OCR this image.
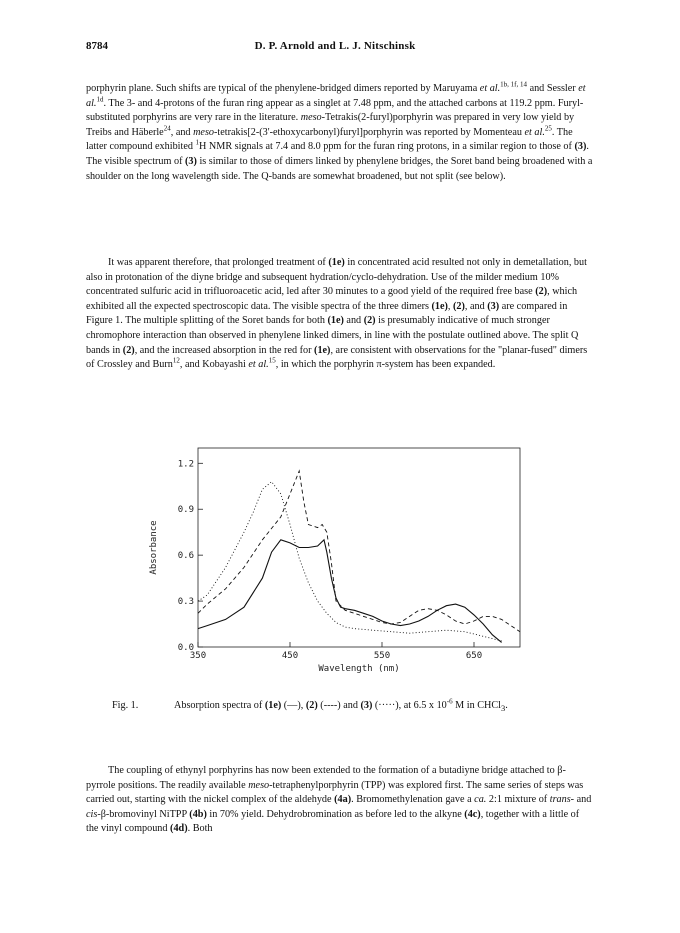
8784	D. P. Arnold and L. J. Nitschinsk

porphyrin plane. Such shifts are typical of the phenylene-bridged dimers reported by Maruyama et al.$^{1b, 1f, 14}$ and Sessler et al.$^{1d}$. The 3- and 4-protons of the furan ring appear as a singlet at 7.48 ppm, and the attached carbons at 119.2 ppm. Furyl-substituted porphyrins are very rare in the literature. meso-Tetrakis(2-furyl)porphyrin was prepared in very low yield by Treibs and Häberle$^{24}$, and meso-tetrakis[2-(3'-ethoxycarbonyl)furyl]porphyrin was reported by Momenteau et al.$^{25}$. The latter compound exhibited $^1$H NMR signals at 7.4 and 8.0 ppm for the furan ring protons, in a similar region to those of (3). The visible spectrum of (3) is similar to those of dimers linked by phenylene bridges, the Soret band being broadened with a shoulder on the long wavelength side. The Q-bands are somewhat broadened, but not split (see below).

It was apparent therefore, that prolonged treatment of (1e) in concentrated acid resulted not only in demetallation, but also in protonation of the diyne bridge and subsequent hydration/cyclo-dehydration. Use of the milder medium 10% concentrated sulfuric acid in trifluoroacetic acid, led after 30 minutes to a good yield of the required free base (2), which exhibited all the expected spectroscopic data. The visible spectra of the three dimers (1e), (2), and (3) are compared in Figure 1. The multiple splitting of the Soret bands for both (1e) and (2) is presumably indicative of much stronger chromophore interaction than observed in phenylene linked dimers, in line with the postulate outlined above. The split Q bands in (2), and the increased absorption in the red for (1e), are consistent with observations for the "planar-fused" dimers of Crossley and Burn$^{12}$, and Kobayashi et al.$^{15}$, in which the porphyrin π-system has been expanded.

350	450	550	650
0.0
0.3
0.6
0.9
1.2
Wavelength (nm)
Absorbance
Fig. 1.	Absorption spectra of (1e) (—), (2) (----) and (3) (·····), at 6.5 x $10^{-6}$ M in CHCl$_3$.

The coupling of ethynyl porphyrins has now been extended to the formation of a butadiyne bridge attached to β-pyrrole positions. The readily available meso-tetraphenylporphyrin (TPP) was explored first. The same series of steps was carried out, starting with the nickel complex of the aldehyde (4a). Bromomethylenation gave a ca. 2:1 mixture of trans- and cis-β-bromovinyl NiTPP (4b) in 70% yield. Dehydrobromination as before led to the alkyne (4c), together with a little of the vinyl compound (4d). Both
